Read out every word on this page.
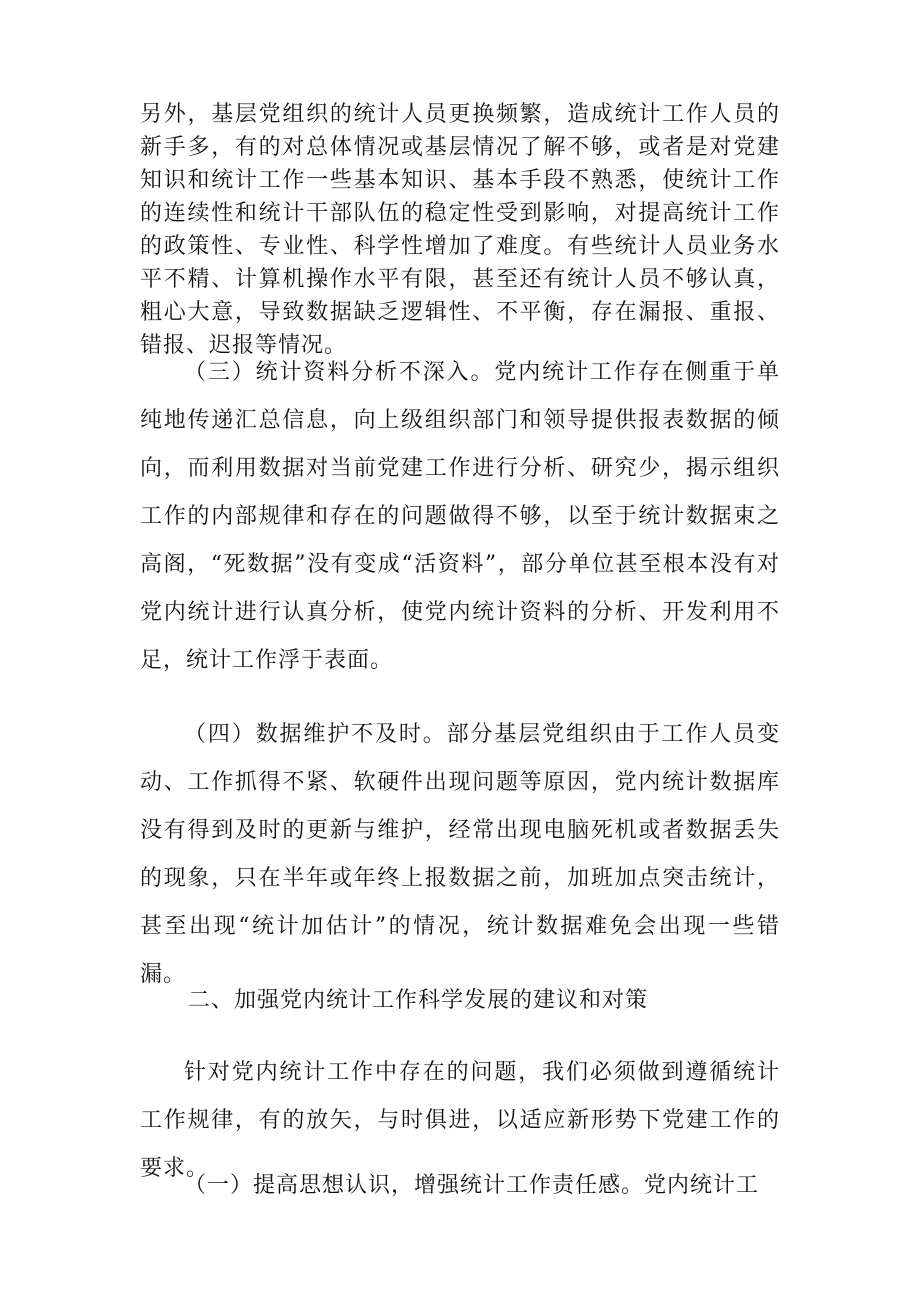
另外，基层党组织的统计人员更换频繁，造成统计工作人员的新手多，有的对总体情况或基层情况了解不够，或者是对党建知识和统计工作一些基本知识、基本手段不熟悉，使统计工作的连续性和统计干部队伍的稳定性受到影响，对提高统计工作的政策性、专业性、科学性增加了难度。有些统计人员业务水平不精、计算机操作水平有限，甚至还有统计人员不够认真，粗心大意，导致数据缺乏逻辑性、不平衡，存在漏报、重报、错报、迟报等情况。

（三）统计资料分析不深入。党内统计工作存在侧重于单纯地传递汇总信息，向上级组织部门和领导提供报表数据的倾向，而利用数据对当前党建工作进行分析、研究少，揭示组织工作的内部规律和存在的问题做得不够，以至于统计数据束之高阁，“死数据”没有变成“活资料”，部分单位甚至根本没有对党内统计进行认真分析，使党内统计资料的分析、开发利用不足，统计工作浮于表面。

（四）数据维护不及时。部分基层党组织由于工作人员变动、工作抓得不紧、软硬件出现问题等原因，党内统计数据库没有得到及时的更新与维护，经常出现电脑死机或者数据丢失的现象，只在半年或年终上报数据之前，加班加点突击统计，甚至出现“统计加估计”的情况，统计数据难免会出现一些错漏。

二、加强党内统计工作科学发展的建议和对策

针对党内统计工作中存在的问题，我们必须做到遵循统计工作规律，有的放矢，与时俱进，以适应新形势下党建工作的要求。

（一）提高思想认识，增强统计工作责任感。党内统计工
